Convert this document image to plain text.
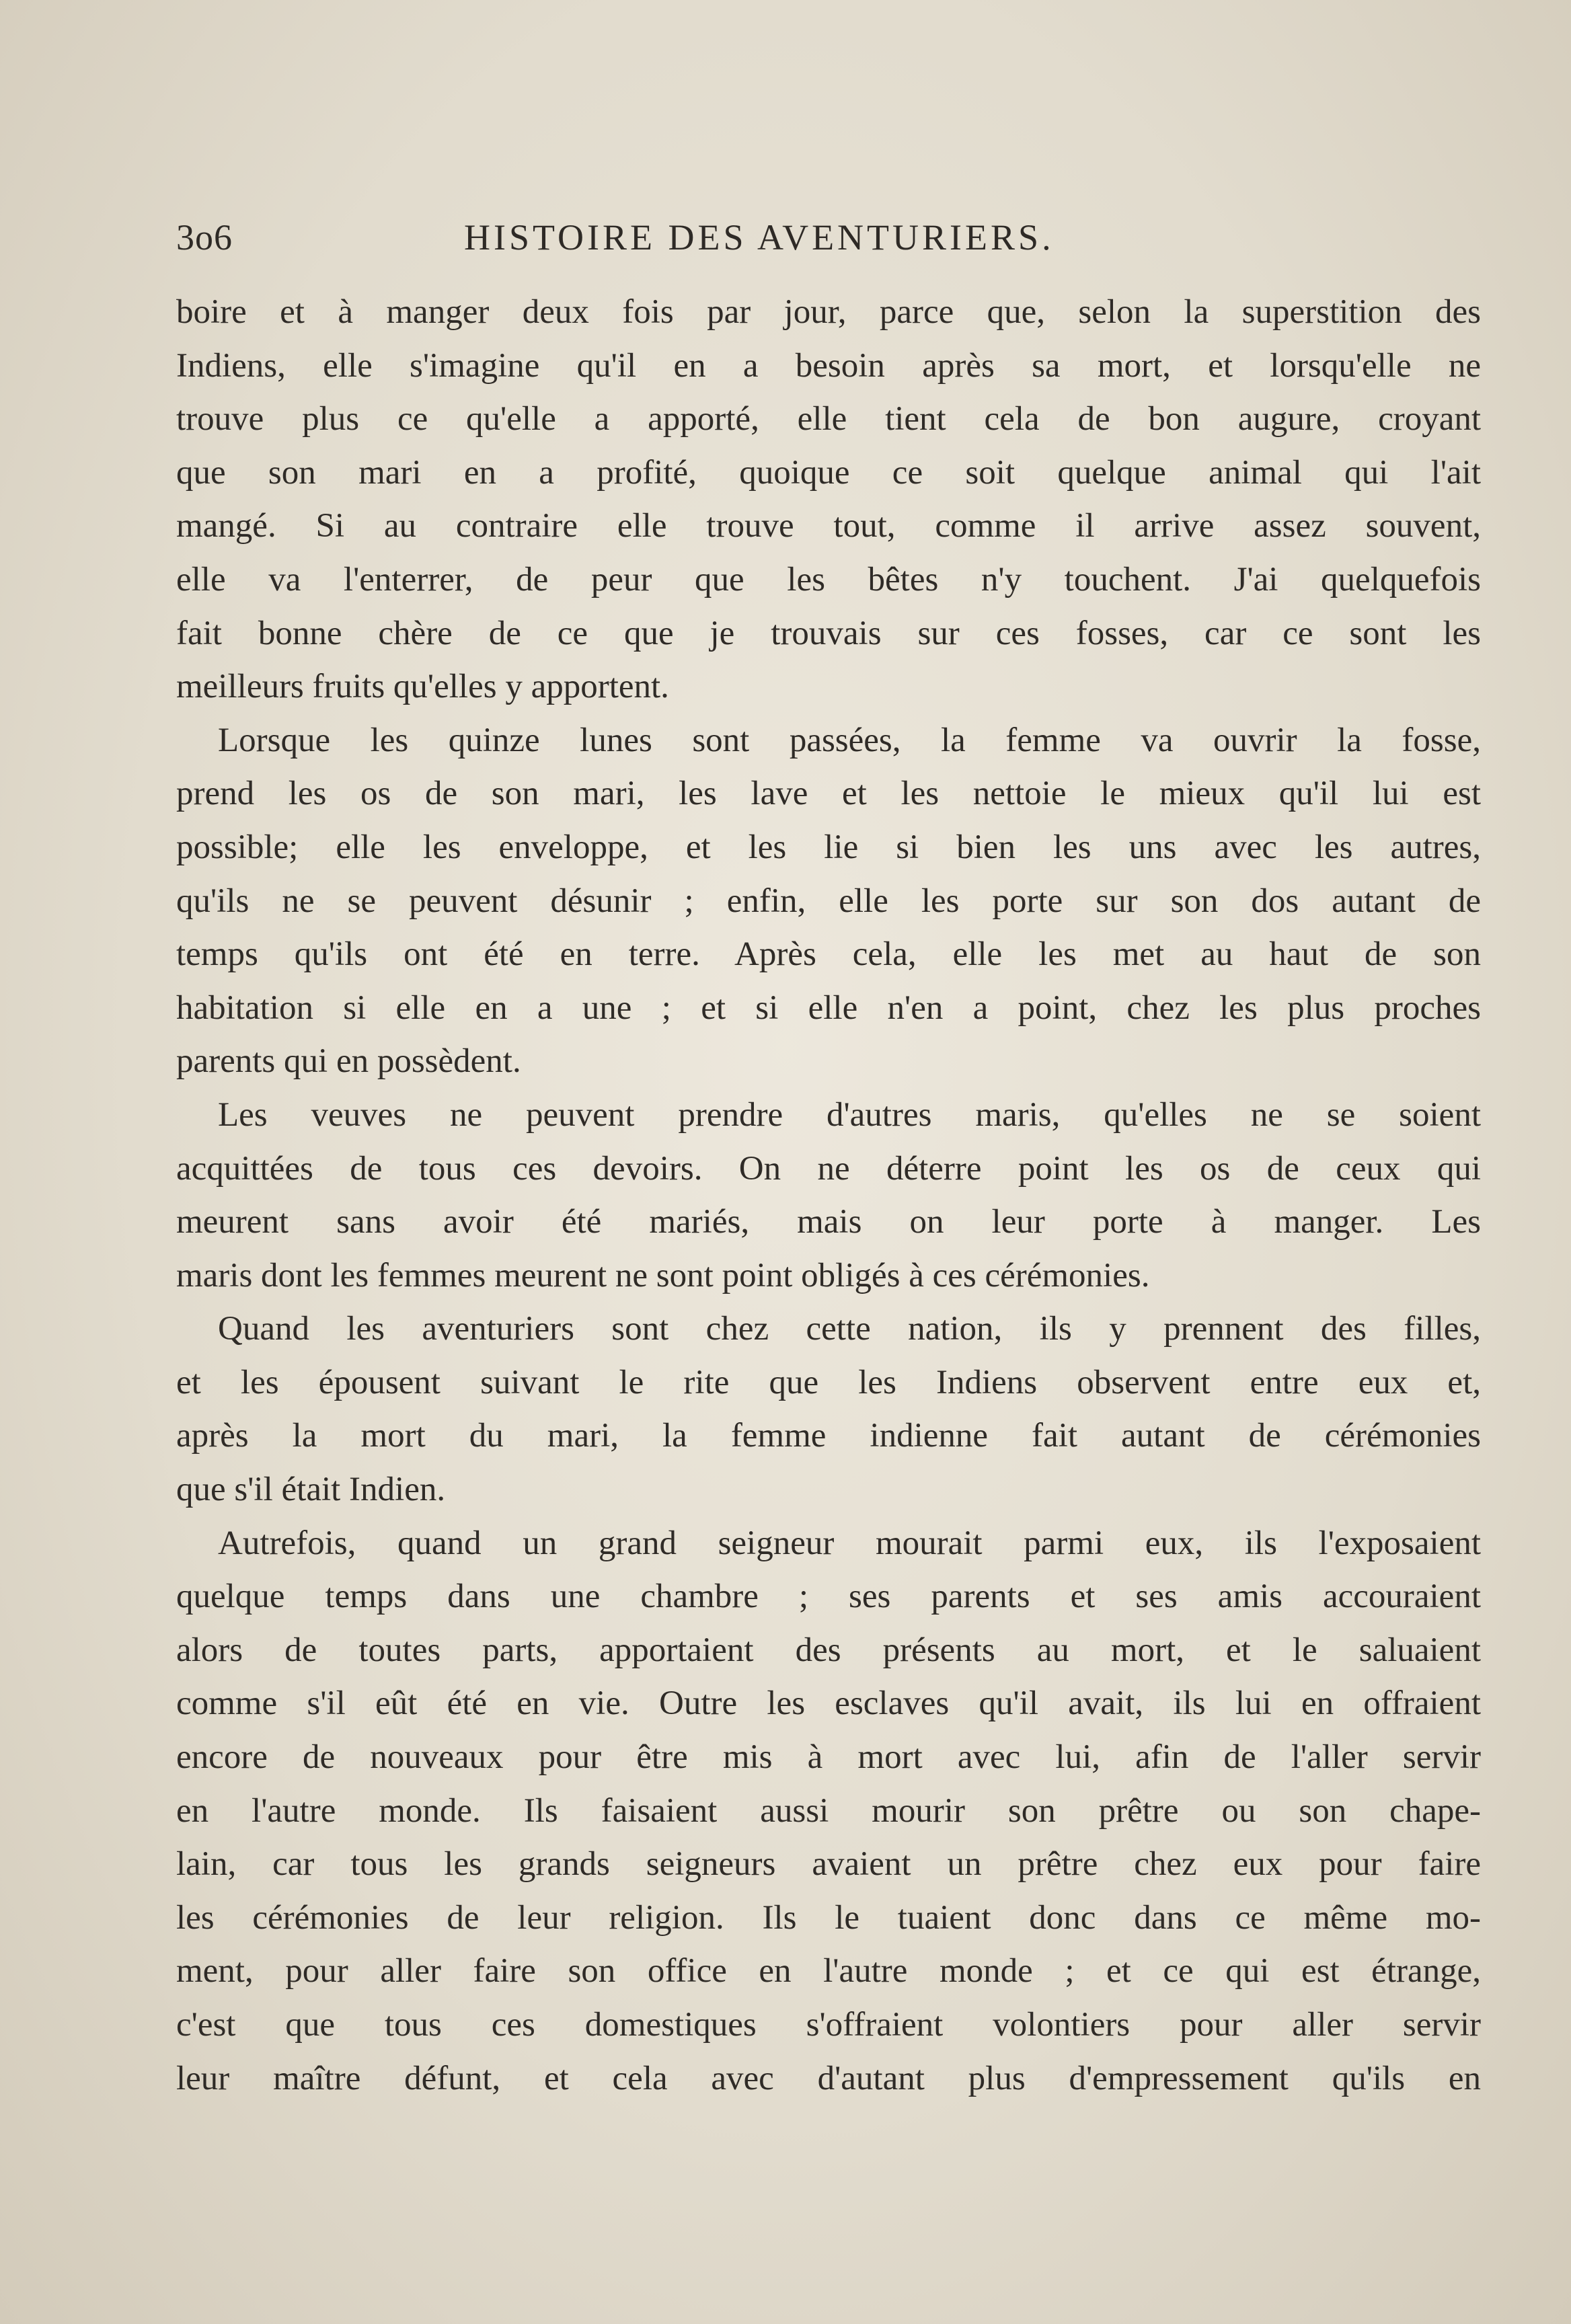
3o6	HISTOIRE DES AVENTURIERS.
boire et à manger deux fois par jour, parce que, selon la superstition des
Indiens, elle s'imagine qu'il en a besoin après sa mort, et lorsqu'elle ne
trouve plus ce qu'elle a apporté, elle tient cela de bon augure, croyant
que son mari en a profité, quoique ce soit quelque animal qui l'ait
mangé. Si au contraire elle trouve tout, comme il arrive assez souvent,
elle va l'enterrer, de peur que les bêtes n'y touchent. J'ai quelquefois
fait bonne chère de ce que je trouvais sur ces fosses, car ce sont les
meilleurs fruits qu'elles y apportent.
Lorsque les quinze lunes sont passées, la femme va ouvrir la fosse,
prend les os de son mari, les lave et les nettoie le mieux qu'il lui est
possible; elle les enveloppe, et les lie si bien les uns avec les autres,
qu'ils ne se peuvent désunir ; enfin, elle les porte sur son dos autant de
temps qu'ils ont été en terre. Après cela, elle les met au haut de son
habitation si elle en a une ; et si elle n'en a point, chez les plus proches
parents qui en possèdent.
Les veuves ne peuvent prendre d'autres maris, qu'elles ne se soient
acquittées de tous ces devoirs. On ne déterre point les os de ceux qui
meurent sans avoir été mariés, mais on leur porte à manger. Les
maris dont les femmes meurent ne sont point obligés à ces cérémonies.
Quand les aventuriers sont chez cette nation, ils y prennent des filles,
et les épousent suivant le rite que les Indiens observent entre eux et,
après la mort du mari, la femme indienne fait autant de cérémonies
que s'il était Indien.
Autrefois, quand un grand seigneur mourait parmi eux, ils l'exposaient
quelque temps dans une chambre ; ses parents et ses amis accouraient
alors de toutes parts, apportaient des présents au mort, et le saluaient
comme s'il eût été en vie. Outre les esclaves qu'il avait, ils lui en offraient
encore de nouveaux pour être mis à mort avec lui, afin de l'aller servir
en l'autre monde. Ils faisaient aussi mourir son prêtre ou son chape-
lain, car tous les grands seigneurs avaient un prêtre chez eux pour faire
les cérémonies de leur religion. Ils le tuaient donc dans ce même mo-
ment, pour aller faire son office en l'autre monde ; et ce qui est étrange,
c'est que tous ces domestiques s'offraient volontiers pour aller servir
leur maître défunt, et cela avec d'autant plus d'empressement qu'ils en
